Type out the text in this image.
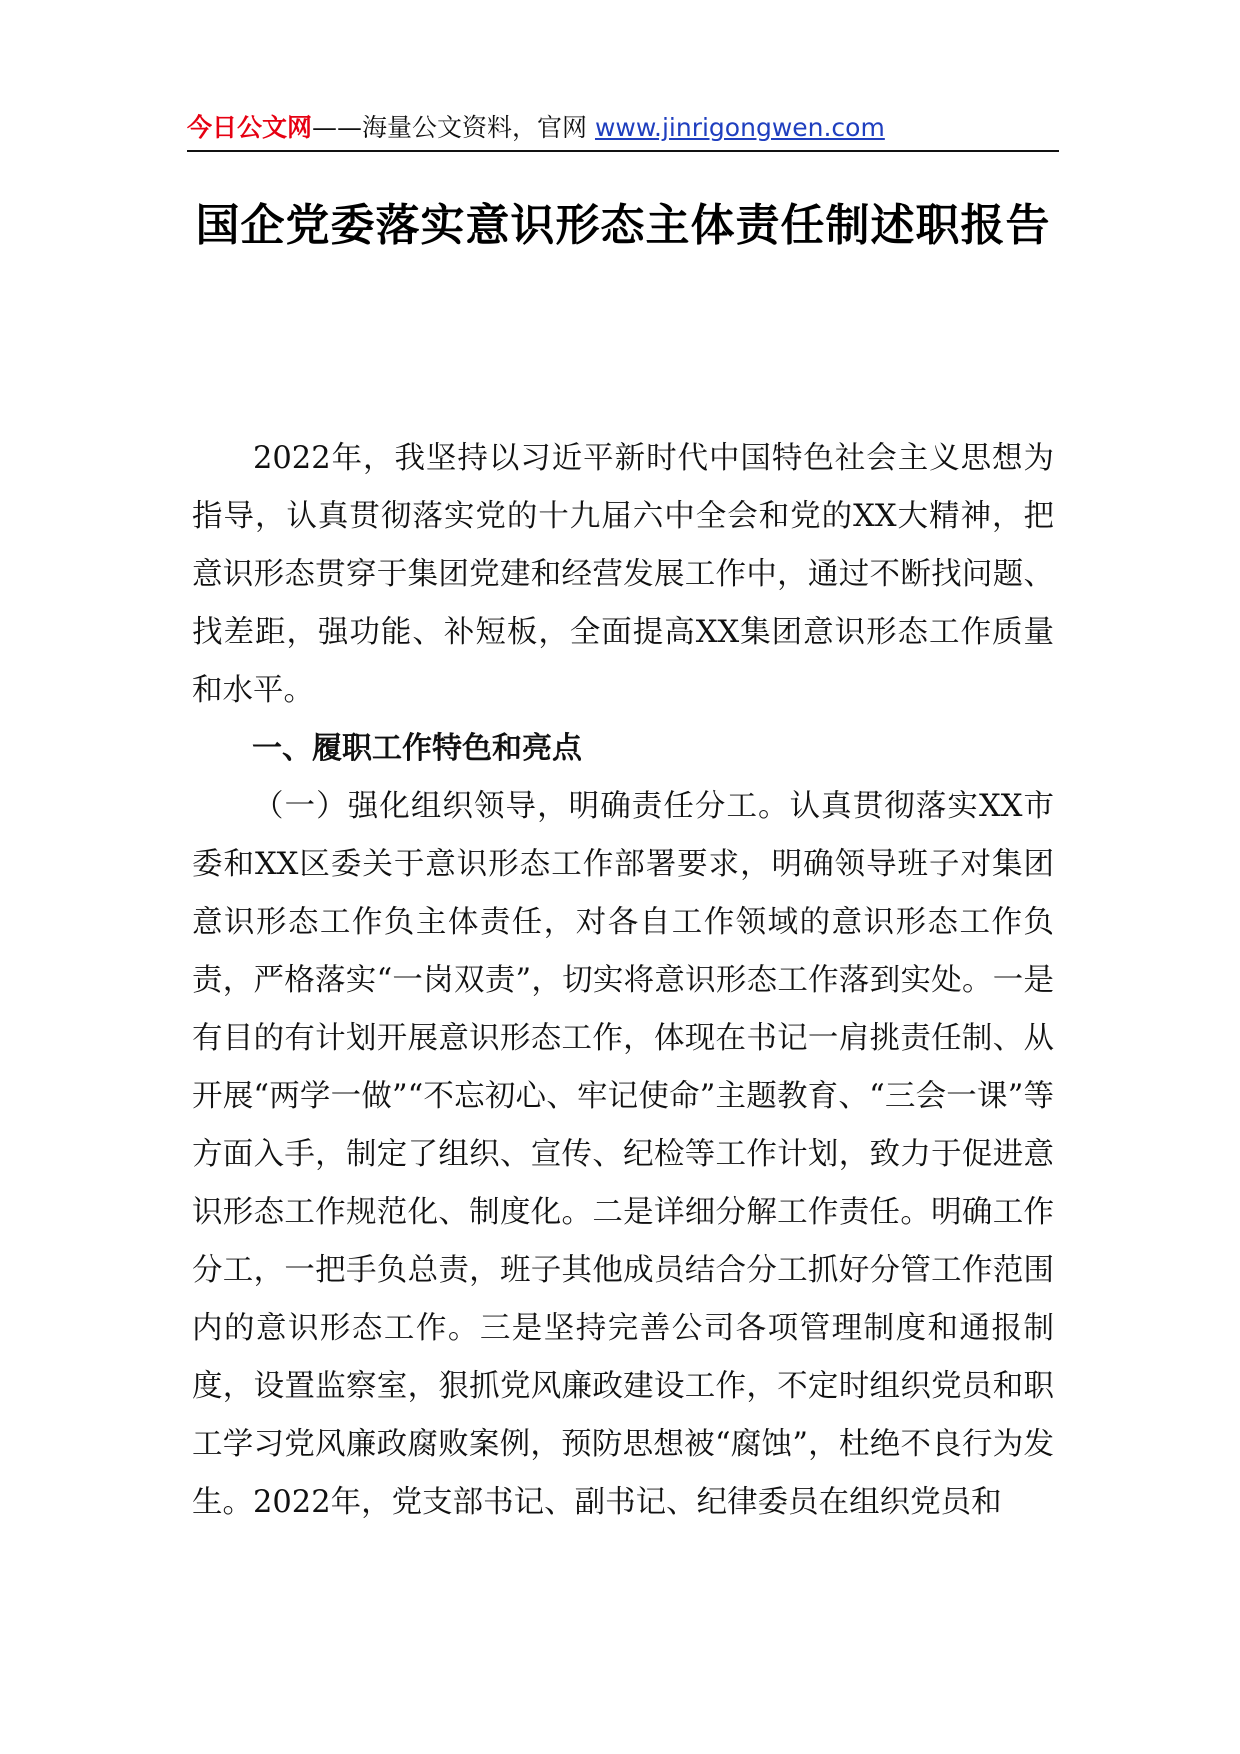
今日公文网——海量公文资料，官网 www.jinrigongwen.com
国企党委落实意识形态主体责任制述职报告

2022年，我坚持以习近平新时代中国特色社会主义思想为指导，认真贯彻落实党的十九届六中全会和党的XX大精神，把意识形态贯穿于集团党建和经营发展工作中，通过不断找问题、找差距，强功能、补短板，全面提高XX集团意识形态工作质量和水平。

一、履职工作特色和亮点

（一）强化组织领导，明确责任分工。认真贯彻落实XX市委和XX区委关于意识形态工作部署要求，明确领导班子对集团意识形态工作负主体责任，对各自工作领域的意识形态工作负责，严格落实“一岗双责”，切实将意识形态工作落到实处。一是有目的有计划开展意识形态工作，体现在书记一肩挑责任制、从开展“两学一做”“不忘初心、牢记使命”主题教育、“三会一课”等方面入手，制定了组织、宣传、纪检等工作计划，致力于促进意识形态工作规范化、制度化。二是详细分解工作责任。明确工作分工，一把手负总责，班子其他成员结合分工抓好分管工作范围内的意识形态工作。三是坚持完善公司各项管理制度和通报制度，设置监察室，狠抓党风廉政建设工作，不定时组织党员和职工学习党风廉政腐败案例，预防思想被“腐蚀”，杜绝不良行为发生。2022年，党支部书记、副书记、纪律委员在组织党员和
